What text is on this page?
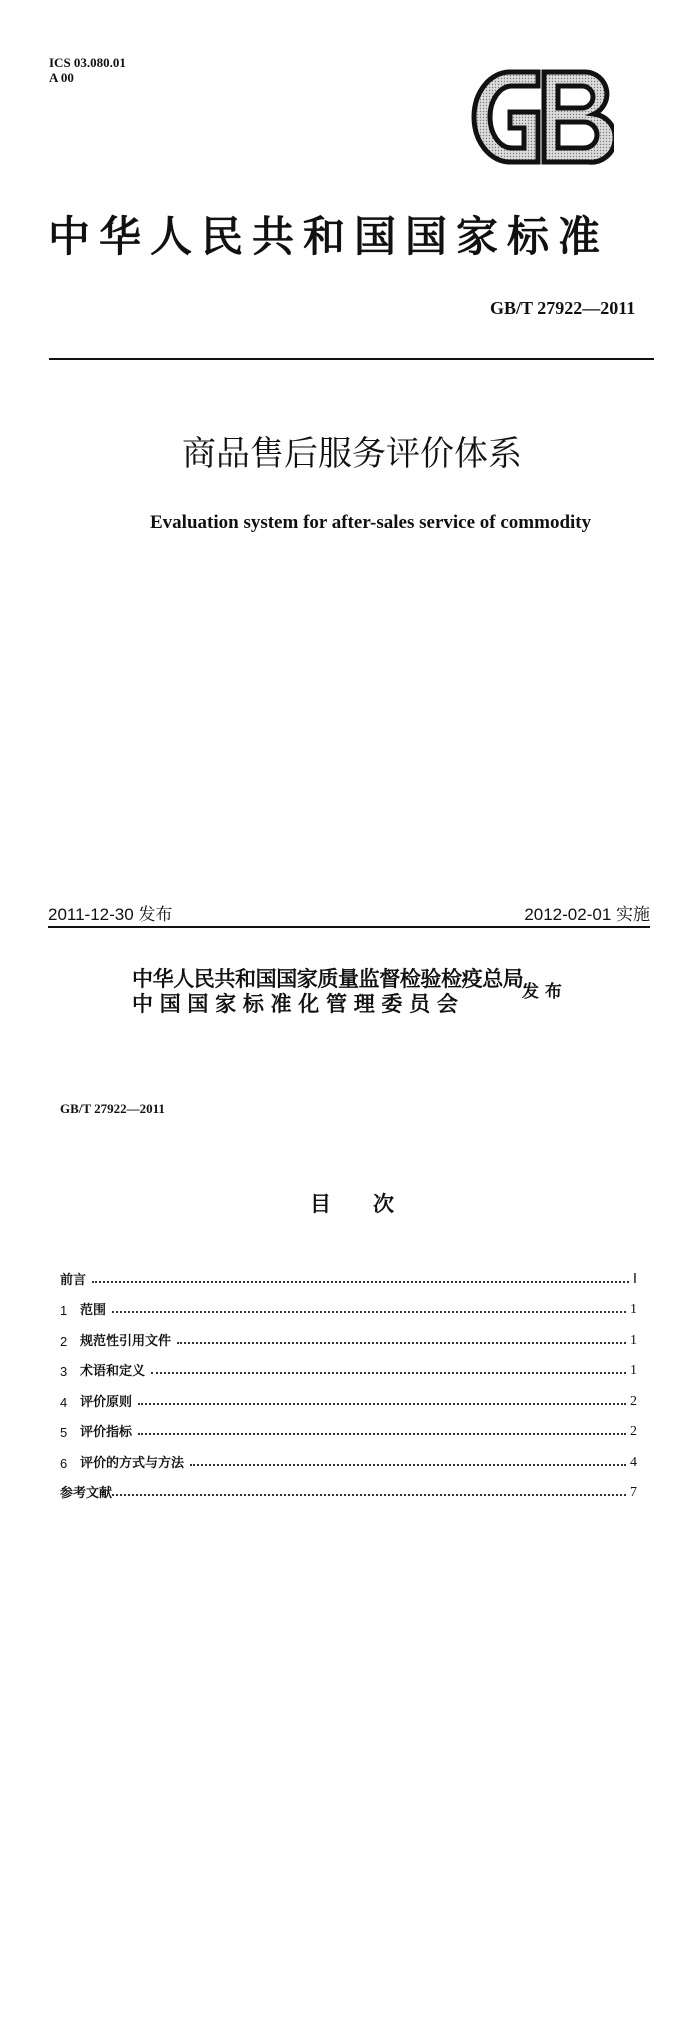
ICS 03.080.01
A 00
中华人民共和国国家标准
GB/T 27922—2011
商品售后服务评价体系
Evaluation system for after-sales service of commodity
2011-12-30 发布	2012-02-01 实施
中华人民共和国国家质量监督检验检疫总局
中 国 国 家 标 准 化 管 理 委 员 会	发 布
GB/T 27922—2011
目　　次
前言	Ⅰ
1 范围	1
2 规范性引用文件	1
3 术语和定义	1
4 评价原则	2
5 评价指标	2
6 评价的方式与方法	4
参考文献	7
